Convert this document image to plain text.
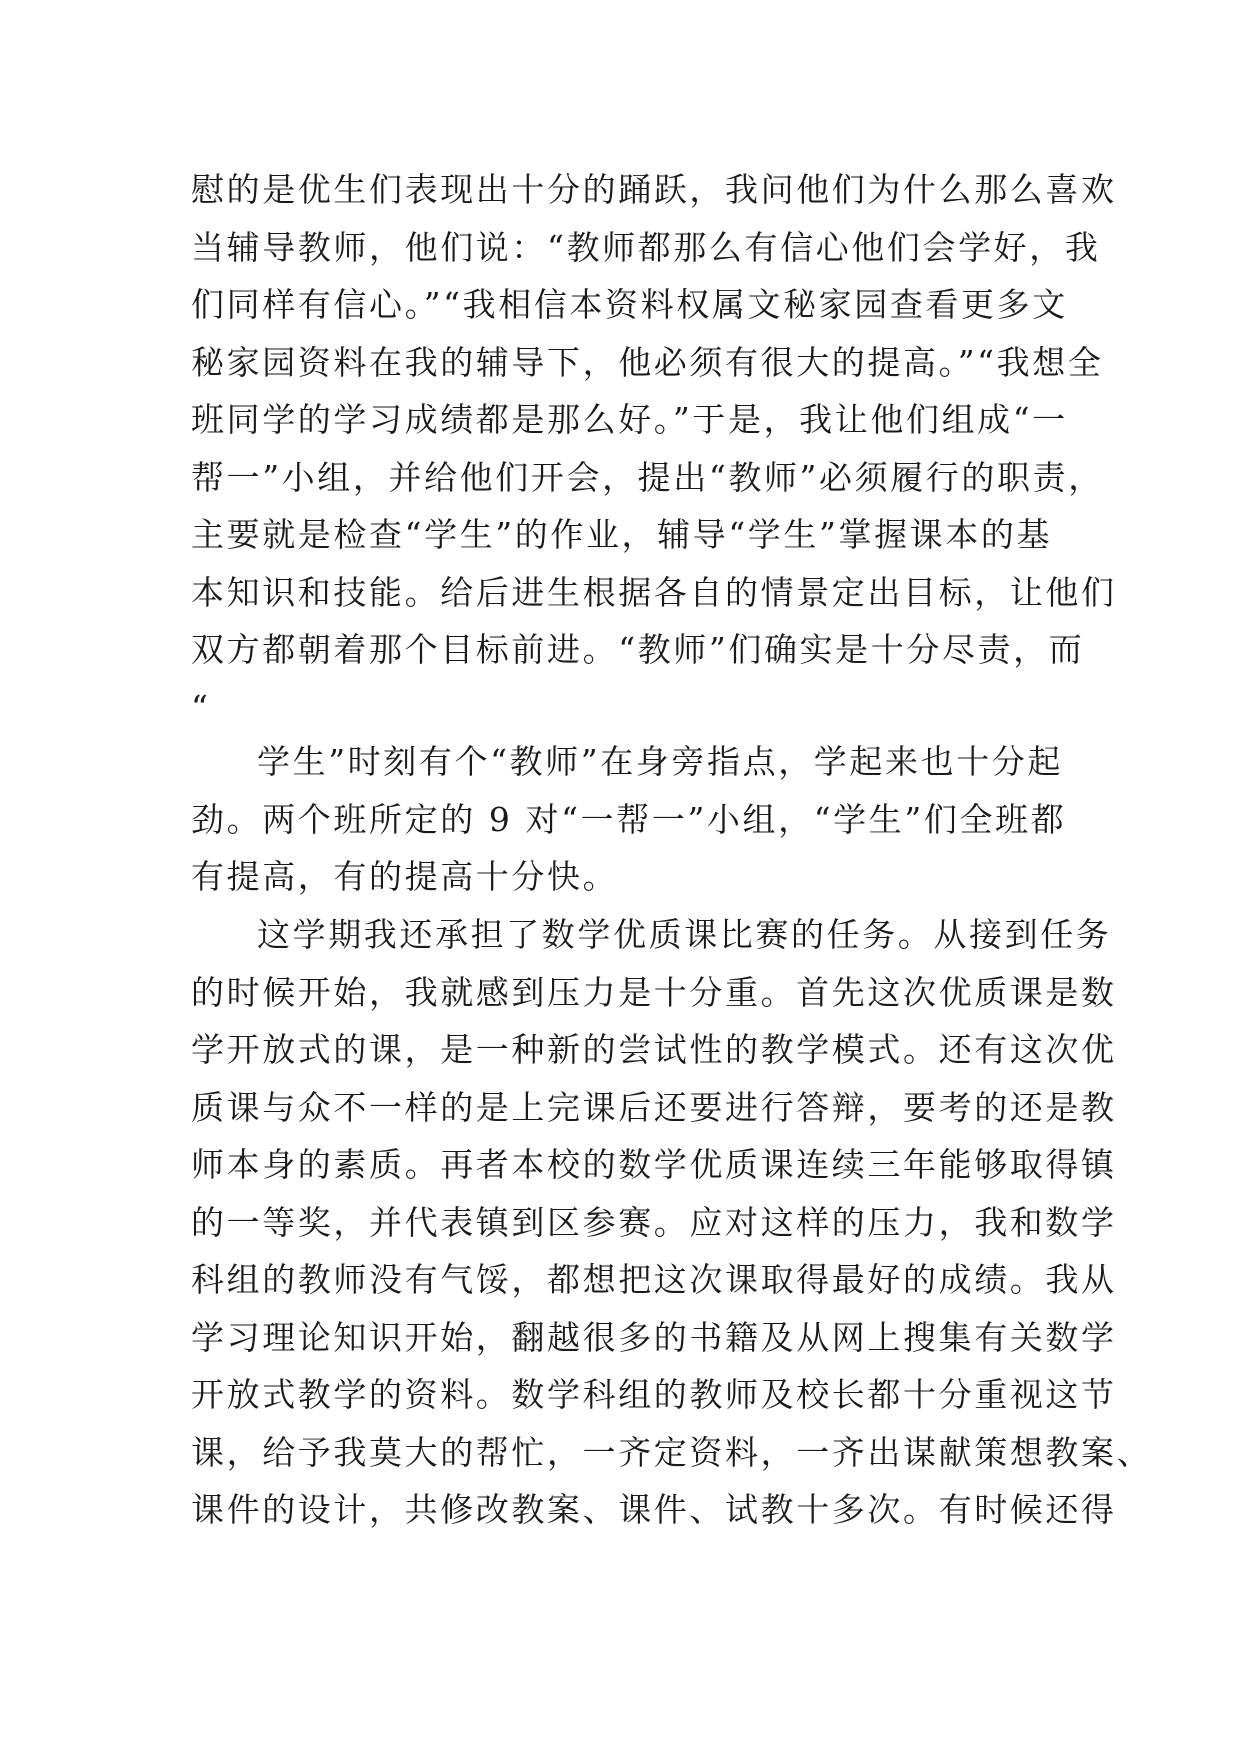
慰的是优生们表现出十分的踊跃，我问他们为什么那么喜欢

当辅导教师，他们说：“教师都那么有信心他们会学好，我

们同样有信心。”“我相信本资料权属文秘家园查看更多文

秘家园资料在我的辅导下，他必须有很大的提高。”“我想全

班同学的学习成绩都是那么好。”于是，我让他们组成“一

帮一”小组，并给他们开会，提出“教师”必须履行的职责，

主要就是检查“学生”的作业，辅导“学生”掌握课本的基

本知识和技能。给后进生根据各自的情景定出目标，让他们

双方都朝着那个目标前进。“教师”们确实是十分尽责，而

“

学生”时刻有个“教师”在身旁指点，学起来也十分起

劲。两个班所定的 9 对“一帮一”小组，“学生”们全班都

有提高，有的提高十分快。

这学期我还承担了数学优质课比赛的任务。从接到任务

的时候开始，我就感到压力是十分重。首先这次优质课是数

学开放式的课，是一种新的尝试性的教学模式。还有这次优

质课与众不一样的是上完课后还要进行答辩，要考的还是教

师本身的素质。再者本校的数学优质课连续三年能够取得镇

的一等奖，并代表镇到区参赛。应对这样的压力，我和数学

科组的教师没有气馁，都想把这次课取得最好的成绩。我从

学习理论知识开始，翻越很多的书籍及从网上搜集有关数学

开放式教学的资料。数学科组的教师及校长都十分重视这节

课，给予我莫大的帮忙，一齐定资料，一齐出谋献策想教案、

课件的设计，共修改教案、课件、试教十多次。有时候还得
